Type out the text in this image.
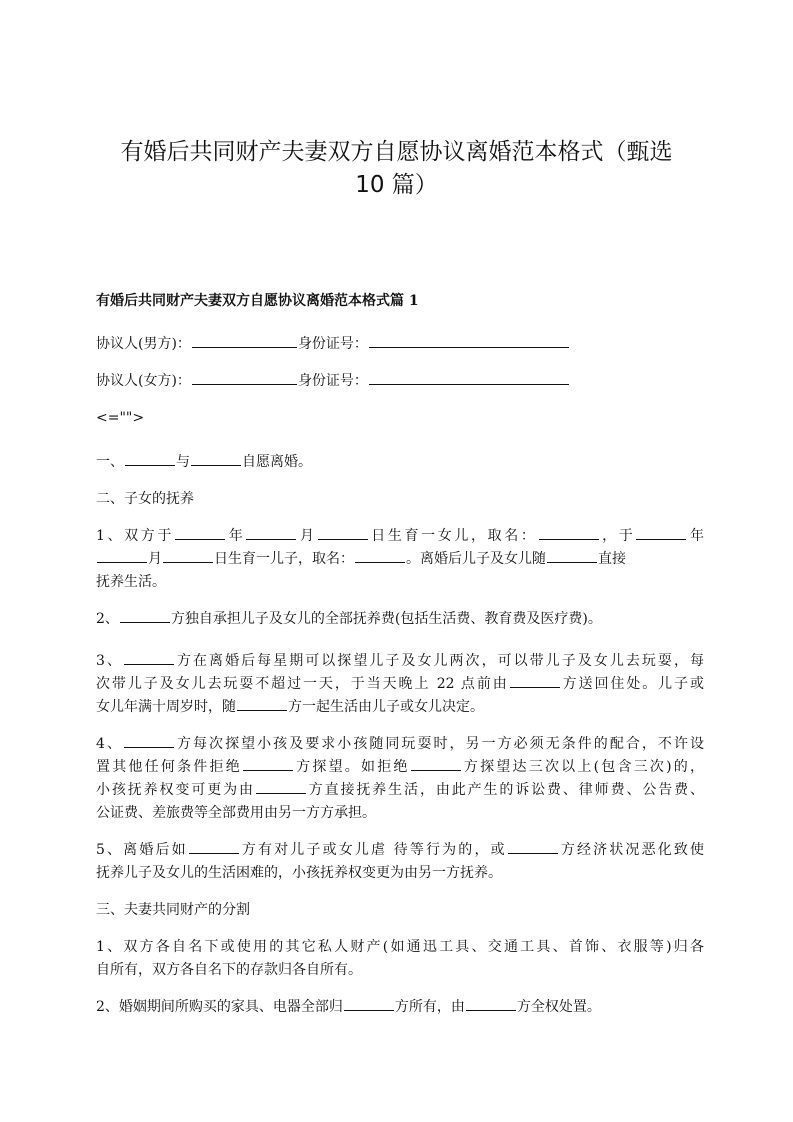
有婚后共同财产夫妻双方自愿协议离婚范本格式（甄选
10 篇）
有婚后共同财产夫妻双方自愿协议离婚范本格式篇 1
协议人(男方)：	身份证号：
协议人(女方)：	身份证号：
<="">
一、	与	自愿离婚。
二、子女的抚养
1、双方于	年	月	日生育一女儿，取名：	，于	年
月	日生育一儿子，取名：	。离婚后儿子及女儿随	直接
抚养生活。
2、	方独自承担儿子及女儿的全部抚养费(包括生活费、教育费及医疗费)。
3、	方在离婚后每星期可以探望儿子及女儿两次，可以带儿子及女儿去玩耍，每
次带儿子及女儿去玩耍不超过一天，于当天晚上 22 点前由	方送回住处。儿子或
女儿年满十周岁时，随	方一起生活由儿子或女儿决定。
4、	方每次探望小孩及要求小孩随同玩耍时，另一方必须无条件的配合，不许设
置其他任何条件拒绝	方探望。如拒绝	方探望达三次以上(包含三次)的，
小孩抚养权变可更为由	方直接抚养生活，由此产生的诉讼费、律师费、公告费、
公证费、差旅费等全部费用由另一方方承担。
5、离婚后如	方有对儿子或女儿虐 待等行为的，或	方经济状况恶化致使
抚养儿子及女儿的生活困难的，小孩抚养权变更为由另一方抚养。
三、夫妻共同财产的分割
1、双方各自名下或使用的其它私人财产(如通迅工具、交通工具、首饰、衣服等)归各
自所有，双方各自名下的存款归各自所有。
2、婚姻期间所购买的家具、电器全部归	方所有，由	方全权处置。
